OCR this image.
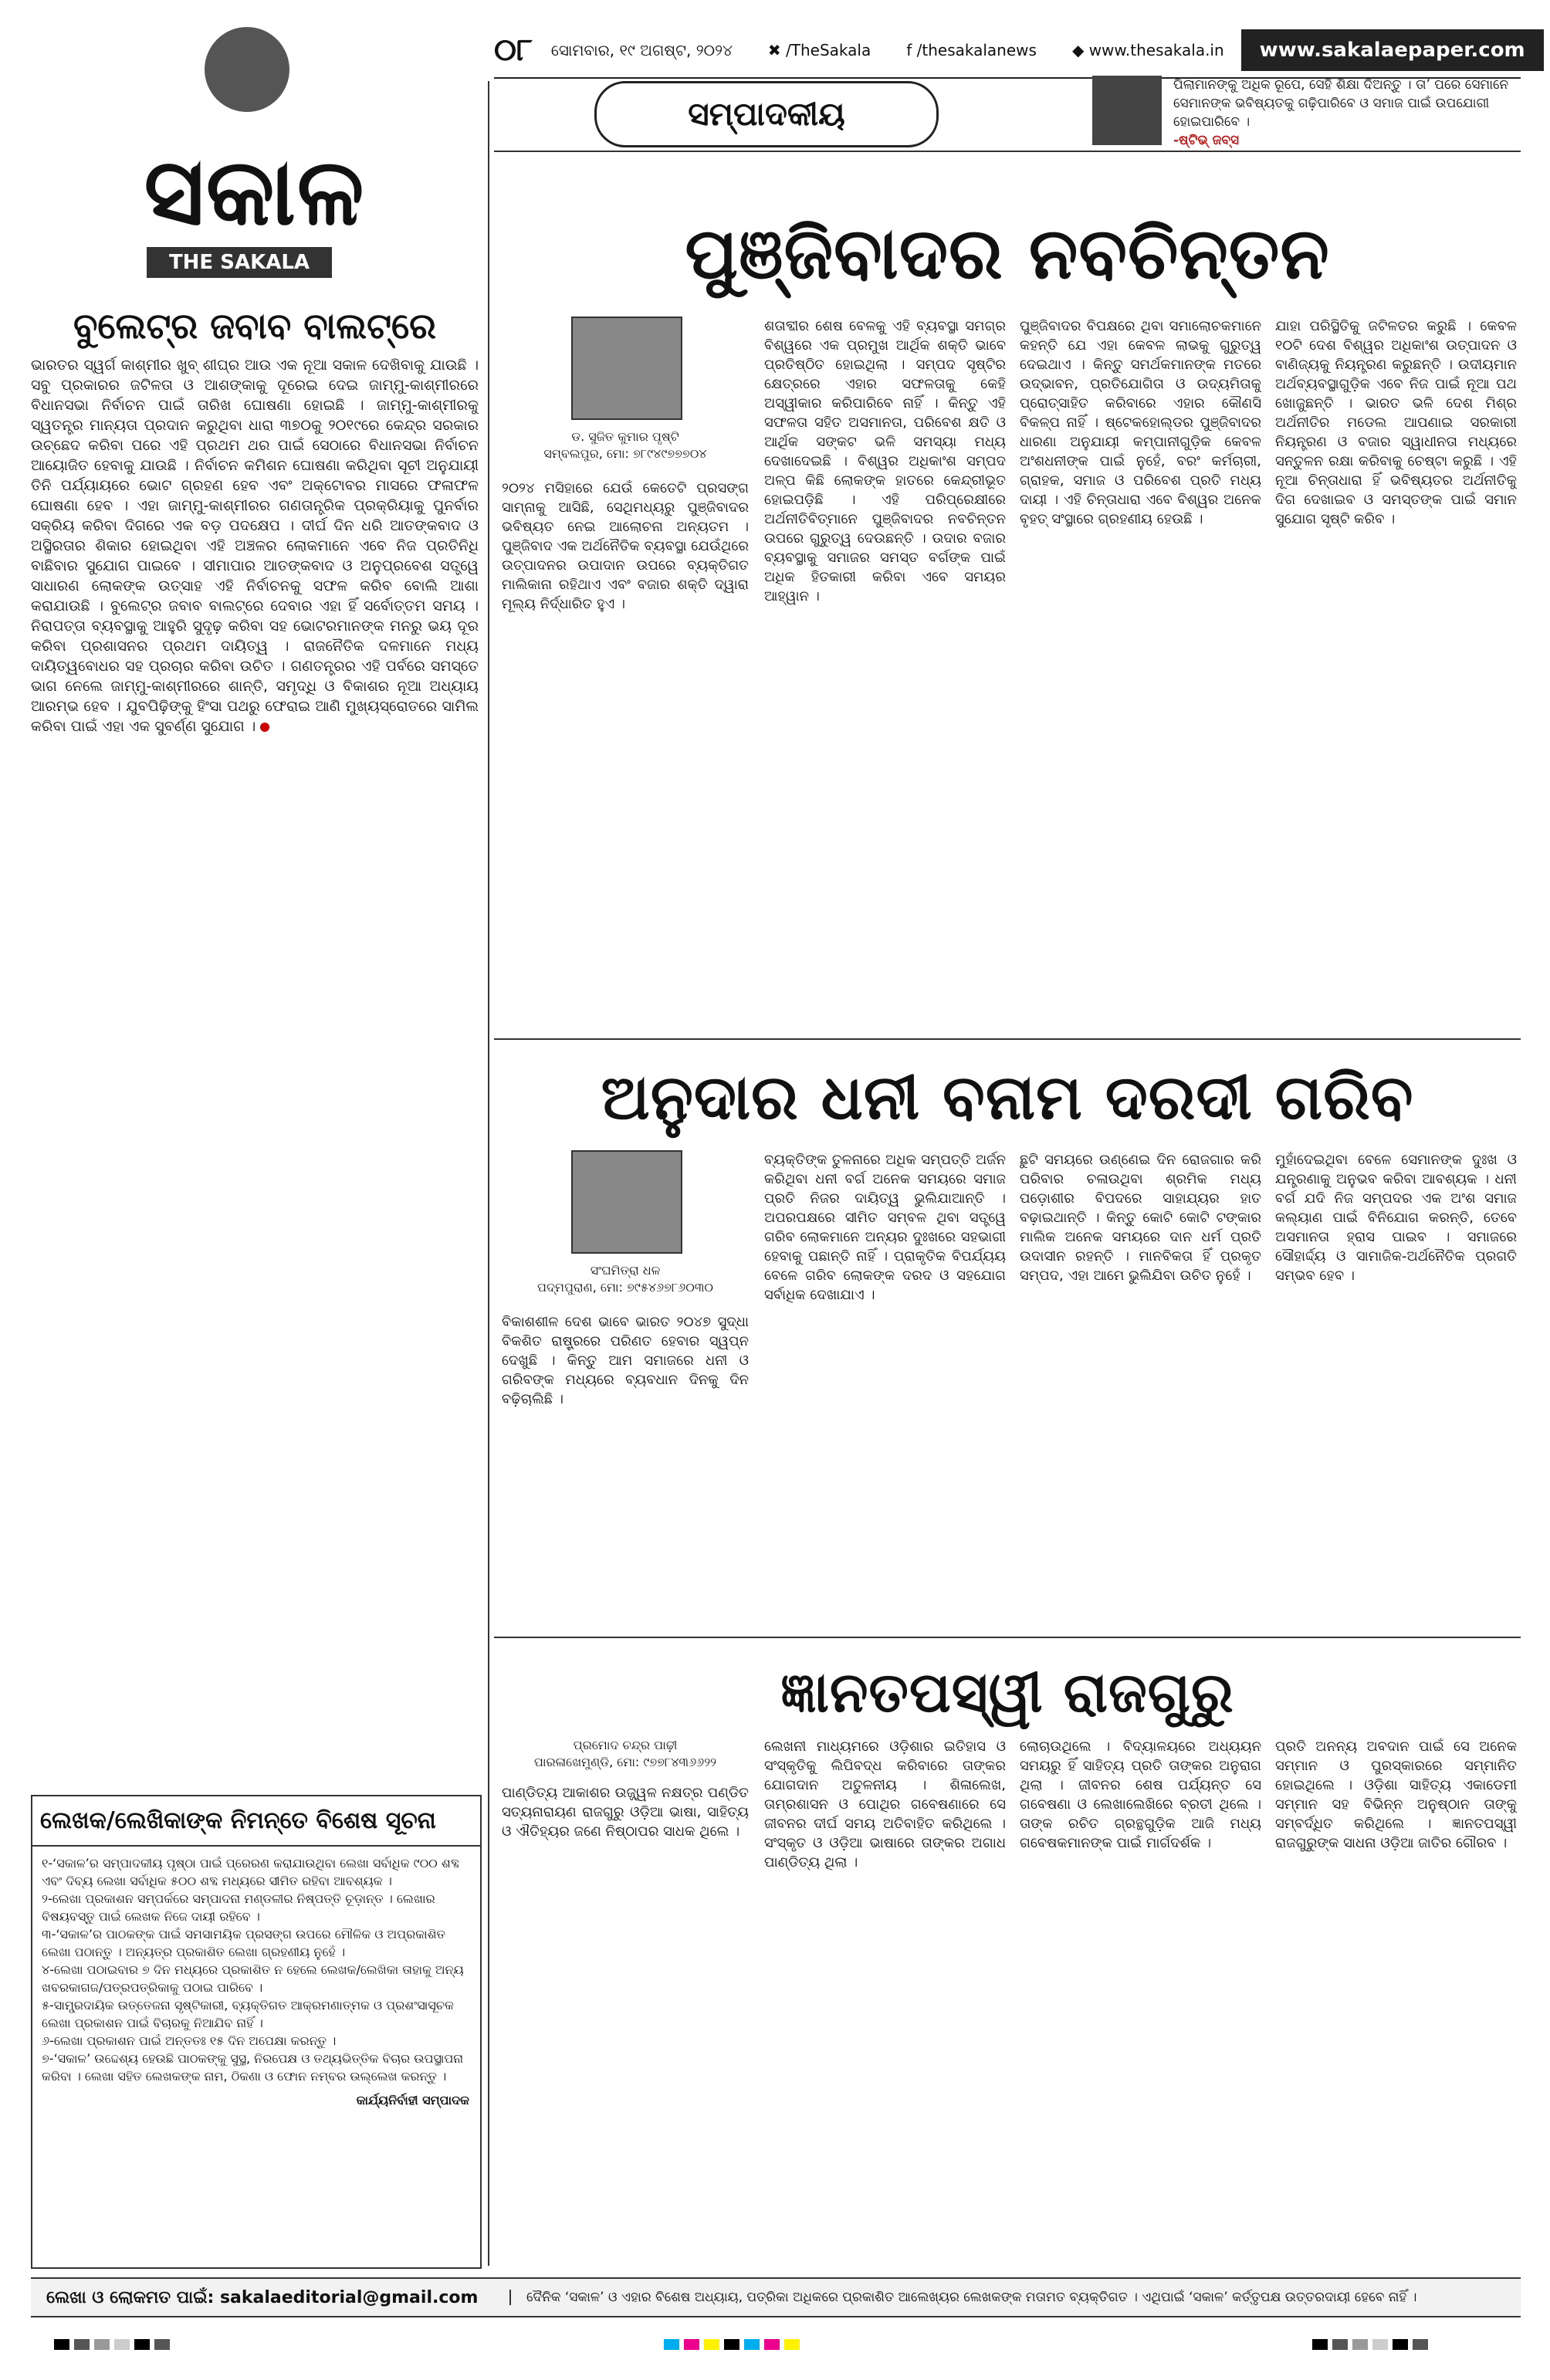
୦୮ ସୋମବାର, ୧୯ ଅଗଷ୍ଟ, ୨୦୨୪ ✖ /TheSakala f /thesakalanews ◆ www.thesakala.in	www.sakalaepaper.com
ସକାଳ
THE SAKALA
ସମ୍ପାଦକୀୟ
ପିଲାମାନଙ୍କୁ ଅଧିକ ରୂପେ, ସେହି ଶିକ୍ଷା ଦିଅନ୍ତୁ । ତା’ ପରେ ସେମାନେ ସେମାନଙ୍କ ଭବିଷ୍ୟତକୁ ଗଢ଼ିପାରିବେ ଓ ସମାଜ ପାଇଁ ଉପଯୋଗୀ ହୋଇପାରିବେ ।
-ଷ୍ଟିଭ୍ ଜବ୍‌ସ
ବୁଲେଟ୍‌ର ଜବାବ ବାଲଟ୍‌ରେ
ଭାରତର ସ୍ୱର୍ଗ କାଶ୍ମୀର ଖୁବ୍ ଶୀଘ୍ର ଆଉ ଏକ ନୂଆ ସକାଳ ଦେଖିବାକୁ ଯାଉଛି । ସବୁ ପ୍ରକାରର ଜଟିଳତା ଓ ଆଶଙ୍କାକୁ ଦୂରେଇ ଦେଇ ଜାମ୍ମୁ-କାଶ୍ମୀରରେ ବିଧାନସଭା ନିର୍ବାଚନ ପାଇଁ ତାରିଖ ଘୋଷଣା ହୋଇଛି । ଜାମ୍ମୁ-କାଶ୍ମୀରକୁ ସ୍ୱତନ୍ତ୍ର ମାନ୍ୟତା ପ୍ରଦାନ କରୁଥିବା ଧାରା ୩୭୦କୁ ୨୦୧୯ରେ କେନ୍ଦ୍ର ସରକାର ଉଚ୍ଛେଦ କରିବା ପରେ ଏହି ପ୍ରଥମ ଥର ପାଇଁ ସେଠାରେ ବିଧାନସଭା ନିର୍ବାଚନ ଆୟୋଜିତ ହେବାକୁ ଯାଉଛି । ନିର୍ବାଚନ କମିଶନ ଘୋଷଣା କରିଥିବା ସୂଚୀ ଅନୁଯାୟୀ ତିନି ପର୍ଯ୍ୟାୟରେ ଭୋଟ ଗ୍ରହଣ ହେବ ଏବଂ ଅକ୍ଟୋବର ମାସରେ ଫଳାଫଳ ଘୋଷଣା ହେବ । ଏହା ଜାମ୍ମୁ-କାଶ୍ମୀରର ଗଣତାନ୍ତ୍ରିକ ପ୍ରକ୍ରିୟାକୁ ପୁନର୍ବାର ସକ୍ରିୟ କରିବା ଦିଗରେ ଏକ ବଡ଼ ପଦକ୍ଷେପ । ଦୀର୍ଘ ଦିନ ଧରି ଆତଙ୍କବାଦ ଓ ଅସ୍ଥିରତାର ଶିକାର ହୋଇଥିବା ଏହି ଅଞ୍ଚଳର ଲୋକମାନେ ଏବେ ନିଜ ପ୍ରତିନିଧି ବାଛିବାର ସୁଯୋଗ ପାଇବେ । ସୀମାପାର ଆତଙ୍କବାଦ ଓ ଅନୁପ୍ରବେଶ ସତ୍ତ୍ୱେ ସାଧାରଣ ଲୋକଙ୍କ ଉତ୍ସାହ ଏହି ନିର୍ବାଚନକୁ ସଫଳ କରିବ ବୋଲି ଆଶା କରାଯାଉଛି । ବୁଲେଟ୍‌ର ଜବାବ ବାଲଟ୍‌ରେ ଦେବାର ଏହା ହିଁ ସର୍ବୋତ୍ତମ ସମୟ । ନିରାପତ୍ତା ବ୍ୟବସ୍ଥାକୁ ଆହୁରି ସୁଦୃଢ଼ କରିବା ସହ ଭୋଟରମାନଙ୍କ ମନରୁ ଭୟ ଦୂର କରିବା ପ୍ରଶାସନର ପ୍ରଥମ ଦାୟିତ୍ୱ । ରାଜନୈତିକ ଦଳମାନେ ମଧ୍ୟ ଦାୟିତ୍ୱବୋଧର ସହ ପ୍ରଚାର କରିବା ଉଚିତ । ଗଣତନ୍ତ୍ରର ଏହି ପର୍ବରେ ସମସ୍ତେ ଭାଗ ନେଲେ ଜାମ୍ମୁ-କାଶ୍ମୀରରେ ଶାନ୍ତି, ସମୃଦ୍ଧି ଓ ବିକାଶର ନୂଆ ଅଧ୍ୟାୟ ଆରମ୍ଭ ହେବ । ଯୁବପିଢ଼ିଙ୍କୁ ହିଂସା ପଥରୁ ଫେରାଇ ଆଣି ମୁଖ୍ୟସ୍ରୋତରେ ସାମିଲ କରିବା ପାଇଁ ଏହା ଏକ ସୁବର୍ଣ୍ଣ ସୁଯୋଗ ।
ଲେଖକ/ଲେଖିକାଙ୍କ ନିମନ୍ତେ ବିଶେଷ ସୂଚନା
୧-‘ସକାଳ’ର ସମ୍ପାଦକୀୟ ପୃଷ୍ଠା ପାଇଁ ପ୍ରେରଣ କରାଯାଉଥିବା ଲେଖା ସର୍ବାଧିକ ୯୦୦ ଶବ୍ଦ ଏବଂ ଦିବ୍ୟ ଲେଖା ସର୍ବାଧିକ ୫୦୦ ଶବ୍ଦ ମଧ୍ୟରେ ସୀମିତ ରହିବା ଆବଶ୍ୟକ ।
୨-ଲେଖା ପ୍ରକାଶନ ସମ୍ପର୍କରେ ସମ୍ପାଦନା ମଣ୍ଡଳୀର ନିଷ୍ପତ୍ତି ଚୂଡ଼ାନ୍ତ । ଲେଖାର ବିଷୟବସ୍ତୁ ପାଇଁ ଲେଖକ ନିଜେ ଦାୟୀ ରହିବେ ।
୩-‘ସକାଳ’ର ପାଠକଙ୍କ ପାଇଁ ସମସାମୟିକ ପ୍ରସଙ୍ଗ ଉପରେ ମୌଳିକ ଓ ଅପ୍ରକାଶିତ ଲେଖା ପଠାନ୍ତୁ । ଅନ୍ୟତ୍ର ପ୍ରକାଶିତ ଲେଖା ଗ୍ରହଣୀୟ ନୁହେଁ ।
୪-ଲେଖା ପଠାଇବାର ୭ ଦିନ ମଧ୍ୟରେ ପ୍ରକାଶିତ ନ ହେଲେ ଲେଖକ/ଲେଖିକା ତାହାକୁ ଅନ୍ୟ ଖବରକାଗଜ/ପତ୍ରପତ୍ରିକାକୁ ପଠାଇ ପାରିବେ ।
୫-ସାମ୍ପ୍ରଦାୟିକ ଉତ୍ତେଜନା ସୃଷ୍ଟିକାରୀ, ବ୍ୟକ୍ତିଗତ ଆକ୍ରମଣାତ୍ମକ ଓ ପ୍ରଶଂସାସୂଚକ ଲେଖା ପ୍ରକାଶନ ପାଇଁ ବିଚାରକୁ ନିଆଯିବ ନାହିଁ ।
୬-ଲେଖା ପ୍ରକାଶନ ପାଇଁ ଅନ୍ତତଃ ୧୫ ଦିନ ଅପେକ୍ଷା କରନ୍ତୁ ।
୭-‘ସକାଳ’ ଉଦ୍ଦେଶ୍ୟ ହେଉଛି ପାଠକଙ୍କୁ ସୁସ୍ଥ, ନିରପେକ୍ଷ ଓ ତଥ୍ୟଭିତ୍ତିକ ବିଚାର ଉପସ୍ଥାପନା କରିବା । ଲେଖା ସହିତ ଲେଖକଙ୍କ ନାମ, ଠିକଣା ଓ ଫୋନ ନମ୍ବର ଉଲ୍ଲେଖ କରନ୍ତୁ ।
କାର୍ଯ୍ୟନିର୍ବାହୀ ସମ୍ପାଦକ
ପୁଞ୍ଜିବାଦର ନବଚିନ୍ତନ
ଡ. ସୁଜିତ କୁମାର ପୃଷ୍ଟି
ସମ୍ବଲପୁର, ମୋ: ୭୮୯୪୯୭୭୭୦୪
୨୦୨୪ ମସିହାରେ ଯେଉଁ କେତେଟି ପ୍ରସଙ୍ଗ ସାମ୍ନାକୁ ଆସିଛି, ସେଥିମଧ୍ୟରୁ ପୁଞ୍ଜିବାଦର ଭବିଷ୍ୟତ ନେଇ ଆଲୋଚନା ଅନ୍ୟତମ । ପୁଞ୍ଜିବାଦ ଏକ ଅର୍ଥନୈତିକ ବ୍ୟବସ୍ଥା ଯେଉଁଥିରେ ଉତ୍ପାଦନର ଉପାଦାନ ଉପରେ ବ୍ୟକ୍ତିଗତ ମାଲିକାନା ରହିଥାଏ ଏବଂ ବଜାର ଶକ୍ତି ଦ୍ୱାରା ମୂଲ୍ୟ ନିର୍ଦ୍ଧାରିତ ହୁଏ ।
ଶତାବ୍ଦୀର ଶେଷ ବେଳକୁ ଏହି ବ୍ୟବସ୍ଥା ସମଗ୍ର ବିଶ୍ୱରେ ଏକ ପ୍ରମୁଖ ଆର୍ଥିକ ଶକ୍ତି ଭାବେ ପ୍ରତିଷ୍ଠିତ ହୋଇଥିଲା । ସମ୍ପଦ ସୃଷ୍ଟିର କ୍ଷେତ୍ରରେ ଏହାର ସଫଳତାକୁ କେହି ଅସ୍ୱୀକାର କରିପାରିବେ ନାହିଁ । କିନ୍ତୁ ଏହି ସଫଳତା ସହିତ ଅସମାନତା, ପରିବେଶ କ୍ଷତି ଓ ଆର୍ଥିକ ସଙ୍କଟ ଭଳି ସମସ୍ୟା ମଧ୍ୟ ଦେଖାଦେଇଛି । ବିଶ୍ୱର ଅଧିକାଂଶ ସମ୍ପଦ ଅଳ୍ପ କିଛି ଲୋକଙ୍କ ହାତରେ କେନ୍ଦ୍ରୀଭୂତ ହୋଇପଡ଼ିଛି । ଏହି ପରିପ୍ରେକ୍ଷୀରେ ଅର୍ଥନୀତିବିତ୍‌ମାନେ ପୁଞ୍ଜିବାଦର ନବଚିନ୍ତନ ଉପରେ ଗୁରୁତ୍ୱ ଦେଉଛନ୍ତି । ଉଦାର ବଜାର ବ୍ୟବସ୍ଥାକୁ ସମାଜର ସମସ୍ତ ବର୍ଗଙ୍କ ପାଇଁ ଅଧିକ ହିତକାରୀ କରିବା ଏବେ ସମୟର ଆହ୍ୱାନ ।
ପୁଞ୍ଜିବାଦର ବିପକ୍ଷରେ ଥିବା ସମାଲୋଚକମାନେ କହନ୍ତି ଯେ ଏହା କେବଳ ଲାଭକୁ ଗୁରୁତ୍ୱ ଦେଇଥାଏ । କିନ୍ତୁ ସମର୍ଥକମାନଙ୍କ ମତରେ ଉଦ୍ଭାବନ, ପ୍ରତିଯୋଗିତା ଓ ଉଦ୍ୟମିତାକୁ ପ୍ରୋତ୍ସାହିତ କରିବାରେ ଏହାର କୌଣସି ବିକଳ୍ପ ନାହିଁ । ଷ୍ଟେକହୋଲ୍ଡର ପୁଞ୍ଜିବାଦର ଧାରଣା ଅନୁଯାୟୀ କମ୍ପାନୀଗୁଡ଼ିକ କେବଳ ଅଂଶଧନୀଙ୍କ ପାଇଁ ନୁହେଁ, ବରଂ କର୍ମଚାରୀ, ଗ୍ରାହକ, ସମାଜ ଓ ପରିବେଶ ପ୍ରତି ମଧ୍ୟ ଦାୟୀ । ଏହି ଚିନ୍ତାଧାରା ଏବେ ବିଶ୍ୱର ଅନେକ ବୃହତ୍ ସଂସ୍ଥାରେ ଗ୍ରହଣୀୟ ହେଉଛି ।
ଯାହା ପରିସ୍ଥିତିକୁ ଜଟିଳତର କରୁଛି । କେବଳ ୧୦ଟି ଦେଶ ବିଶ୍ୱର ଅଧିକାଂଶ ଉତ୍ପାଦନ ଓ ବାଣିଜ୍ୟକୁ ନିୟନ୍ତ୍ରଣ କରୁଛନ୍ତି । ଉଦୀୟମାନ ଅର୍ଥବ୍ୟବସ୍ଥାଗୁଡ଼ିକ ଏବେ ନିଜ ପାଇଁ ନୂଆ ପଥ ଖୋଜୁଛନ୍ତି । ଭାରତ ଭଳି ଦେଶ ମିଶ୍ର ଅର୍ଥନୀତିର ମଡେଲ ଆପଣାଇ ସରକାରୀ ନିୟନ୍ତ୍ରଣ ଓ ବଜାର ସ୍ୱାଧୀନତା ମଧ୍ୟରେ ସନ୍ତୁଳନ ରକ୍ଷା କରିବାକୁ ଚେଷ୍ଟା କରୁଛି । ଏହି ନୂଆ ଚିନ୍ତାଧାରା ହିଁ ଭବିଷ୍ୟତର ଅର୍ଥନୀତିକୁ ଦିଗ ଦେଖାଇବ ଓ ସମସ୍ତଙ୍କ ପାଇଁ ସମାନ ସୁଯୋଗ ସୃଷ୍ଟି କରିବ ।
ଅନୁଦାର ଧନୀ ବନାମ ଦରଦୀ ଗରିବ
ସଂଘମିତ୍ରା ଧଳ
ପଦ୍ମପୁରାଣ, ମୋ: ୭୯୫୪୬୭୮୬୦୩୦
ବିକାଶଶୀଳ ଦେଶ ଭାବେ ଭାରତ ୨୦୪୭ ସୁଦ୍ଧା ବିକଶିତ ରାଷ୍ଟ୍ରରେ ପରିଣତ ହେବାର ସ୍ୱପ୍ନ ଦେଖୁଛି । କିନ୍ତୁ ଆମ ସମାଜରେ ଧନୀ ଓ ଗରିବଙ୍କ ମଧ୍ୟରେ ବ୍ୟବଧାନ ଦିନକୁ ଦିନ ବଢ଼ିଚାଲିଛି ।
ବ୍ୟକ୍ତିଙ୍କ ତୁଳନାରେ ଅଧିକ ସମ୍ପତ୍ତି ଅର୍ଜନ କରିଥିବା ଧନୀ ବର୍ଗ ଅନେକ ସମୟରେ ସମାଜ ପ୍ରତି ନିଜର ଦାୟିତ୍ୱ ଭୁଲିଯାଆନ୍ତି । ଅପରପକ୍ଷରେ ସୀମିତ ସମ୍ବଳ ଥିବା ସତ୍ତ୍ୱେ ଗରିବ ଲୋକମାନେ ଅନ୍ୟର ଦୁଃଖରେ ସହଭାଗୀ ହେବାକୁ ପଛାନ୍ତି ନାହିଁ । ପ୍ରାକୃତିକ ବିପର୍ଯ୍ୟୟ ବେଳେ ଗରିବ ଲୋକଙ୍କ ଦରଦ ଓ ସହଯୋଗ ସର୍ବାଧିକ ଦେଖାଯାଏ ।
ଛୁଟି ସମୟରେ ଉଣ୍ଣେଇ ଦିନ ରୋଜଗାର କରି ପରିବାର ଚଳାଉଥିବା ଶ୍ରମିକ ମଧ୍ୟ ପଡ଼ୋଶୀର ବିପଦରେ ସାହାଯ୍ୟର ହାତ ବଢ଼ାଇଥାନ୍ତି । କିନ୍ତୁ କୋଟି କୋଟି ଟଙ୍କାର ମାଲିକ ଅନେକ ସମୟରେ ଦାନ ଧର୍ମ ପ୍ରତି ଉଦାସୀନ ରହନ୍ତି । ମାନବିକତା ହିଁ ପ୍ରକୃତ ସମ୍ପଦ, ଏହା ଆମେ ଭୁଲିଯିବା ଉଚିତ ନୁହେଁ ।
ମୁହାଁଦେଇଥିବା ବେଳେ ସେମାନଙ୍କ ଦୁଃଖ ଓ ଯନ୍ତ୍ରଣାକୁ ଅନୁଭବ କରିବା ଆବଶ୍ୟକ । ଧନୀ ବର୍ଗ ଯଦି ନିଜ ସମ୍ପଦର ଏକ ଅଂଶ ସମାଜ କଲ୍ୟାଣ ପାଇଁ ବିନିଯୋଗ କରନ୍ତି, ତେବେ ଅସମାନତା ହ୍ରାସ ପାଇବ । ସମାଜରେ ସୌହାର୍ଦ୍ଦ୍ୟ ଓ ସାମାଜିକ-ଅର୍ଥନୈତିକ ପ୍ରଗତି ସମ୍ଭବ ହେବ ।
ଜ୍ଞାନତପସ୍ୱୀ ରାଜଗୁରୁ
ପ୍ରମୋଦ ଚନ୍ଦ୍ର ପାଢ଼ୀ
ପାରଳାଖେମୁଣ୍ଡି, ମୋ: ୯୭୭୮୪୩୬୬୨୨
ପାଣ୍ଡିତ୍ୟ ଆକାଶର ଉଜ୍ଜ୍ୱଳ ନକ୍ଷତ୍ର ପଣ୍ଡିତ ସତ୍ୟନାରାୟଣ ରାଜଗୁରୁ ଓଡ଼ିଆ ଭାଷା, ସାହିତ୍ୟ ଓ ଐତିହ୍ୟର ଜଣେ ନିଷ୍ଠାପର ସାଧକ ଥିଲେ ।
ଲେଖନୀ ମାଧ୍ୟମରେ ଓଡ଼ିଶାର ଇତିହାସ ଓ ସଂସ୍କୃତିକୁ ଲିପିବଦ୍ଧ କରିବାରେ ତାଙ୍କର ଯୋଗଦାନ ଅତୁଳନୀୟ । ଶିଳାଲେଖ, ତାମ୍ରଶାସନ ଓ ପୋଥିର ଗବେଷଣାରେ ସେ ଜୀବନର ଦୀର୍ଘ ସମୟ ଅତିବାହିତ କରିଥିଲେ । ସଂସ୍କୃତ ଓ ଓଡ଼ିଆ ଭାଷାରେ ତାଙ୍କର ଅଗାଧ ପାଣ୍ଡିତ୍ୟ ଥିଲା ।
ଲୋଚାଉଥିଲେ । ବିଦ୍ୟାଳୟରେ ଅଧ୍ୟୟନ ସମୟରୁ ହିଁ ସାହିତ୍ୟ ପ୍ରତି ତାଙ୍କର ଅନୁରାଗ ଥିଲା । ଜୀବନର ଶେଷ ପର୍ଯ୍ୟନ୍ତ ସେ ଗବେଷଣା ଓ ଲେଖାଲେଖିରେ ବ୍ରତୀ ଥିଲେ । ତାଙ୍କ ରଚିତ ଗ୍ରନ୍ଥଗୁଡ଼ିକ ଆଜି ମଧ୍ୟ ଗବେଷକମାନଙ୍କ ପାଇଁ ମାର୍ଗଦର୍ଶକ ।
ପ୍ରତି ଅନନ୍ୟ ଅବଦାନ ପାଇଁ ସେ ଅନେକ ସମ୍ମାନ ଓ ପୁରସ୍କାରରେ ସମ୍ମାନିତ ହୋଇଥିଲେ । ଓଡ଼ିଶା ସାହିତ୍ୟ ଏକାଡେମୀ ସମ୍ମାନ ସହ ବିଭିନ୍ନ ଅନୁଷ୍ଠାନ ତାଙ୍କୁ ସମ୍ବର୍ଦ୍ଧିତ କରିଥିଲେ । ଜ୍ଞାନତପସ୍ୱୀ ରାଜଗୁରୁଙ୍କ ସାଧନା ଓଡ଼ିଆ ଜାତିର ଗୌରବ ।
ଲେଖା ଓ ଲୋକମତ ପାଇଁ: sakalaeditorial@gmail.com	ଦୈନିକ ‘ସକାଳ’ ଓ ଏହାର ବିଶେଷ ଅଧ୍ୟାୟ, ପତ୍ରିକା ଅଧିକରେ ପ୍ରକାଶିତ ଆଲେଖ୍ୟର ଲେଖକଙ୍କ ମତାମତ ବ୍ୟକ୍ତିଗତ । ଏଥିପାଇଁ ‘ସକାଳ’ କର୍ତ୍ତୃପକ୍ଷ ଉତ୍ତରଦାୟୀ ହେବେ ନାହିଁ ।
